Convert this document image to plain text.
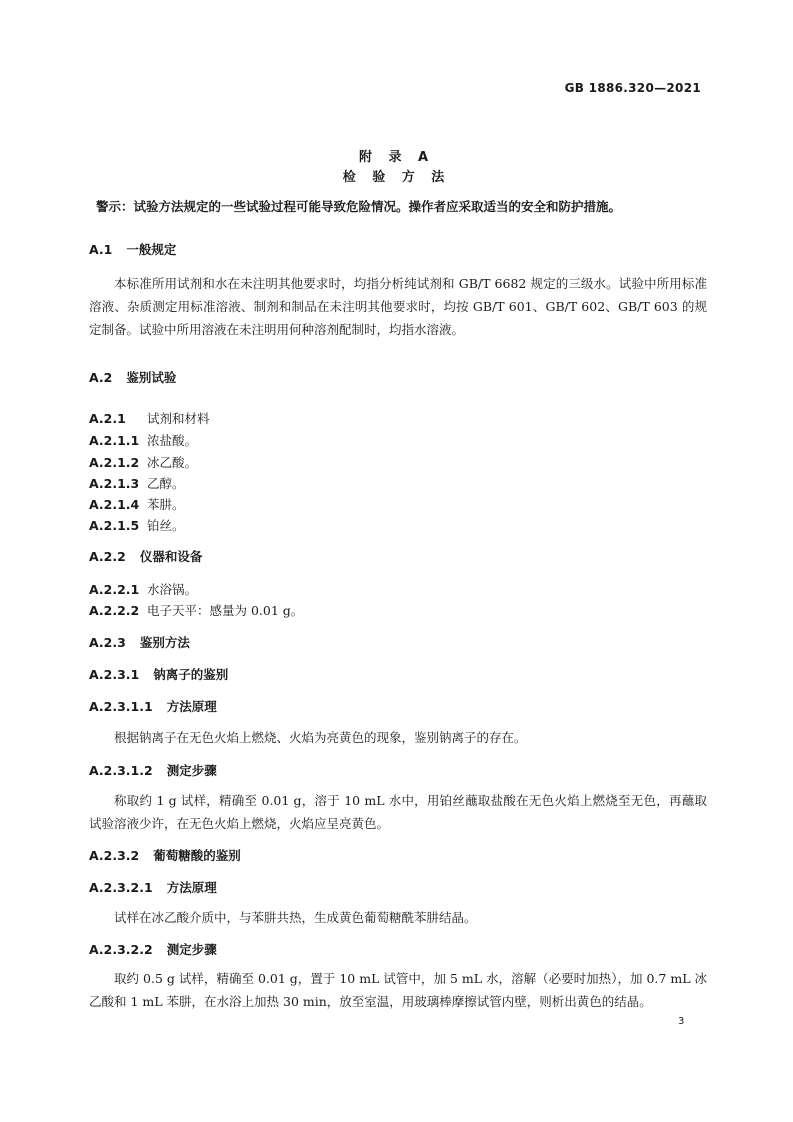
GB 1886.320—2021
附 录 A
检 验 方 法
警示：试验方法规定的一些试验过程可能导致危险情况。操作者应采取适当的安全和防护措施。
A.1 一般规定

本标准所用试剂和水在未注明其他要求时，均指分析纯试剂和 GB/T 6682 规定的三级水。试验中所用标准溶液、杂质测定用标准溶液、制剂和制品在未注明其他要求时，均按 GB/T 601、GB/T 602、GB/T 603 的规定制备。试验中所用溶液在未注明用何种溶剂配制时，均指水溶液。

A.2 鉴别试验
A.2.1 试剂和材料
A.2.1.1 浓盐酸。
A.2.1.2 冰乙酸。
A.2.1.3 乙醇。
A.2.1.4 苯肼。
A.2.1.5 铂丝。
A.2.2 仪器和设备
A.2.2.1 水浴锅。
A.2.2.2 电子天平：感量为 0.01 g。
A.2.3 鉴别方法
A.2.3.1 钠离子的鉴别
A.2.3.1.1 方法原理

根据钠离子在无色火焰上燃烧、火焰为亮黄色的现象，鉴别钠离子的存在。

A.2.3.1.2 测定步骤

称取约 1 g 试样，精确至 0.01 g，溶于 10 mL 水中，用铂丝蘸取盐酸在无色火焰上燃烧至无色，再蘸取试验溶液少许，在无色火焰上燃烧，火焰应呈亮黄色。

A.2.3.2 葡萄糖酸的鉴别
A.2.3.2.1 方法原理

试样在冰乙酸介质中，与苯肼共热，生成黄色葡萄糖酰苯肼结晶。

A.2.3.2.2 测定步骤

取约 0.5 g 试样，精确至 0.01 g，置于 10 mL 试管中，加 5 mL 水，溶解（必要时加热），加 0.7 mL 冰乙酸和 1 mL 苯肼，在水浴上加热 30 min，放至室温，用玻璃棒摩擦试管内壁，则析出黄色的结晶。

3
